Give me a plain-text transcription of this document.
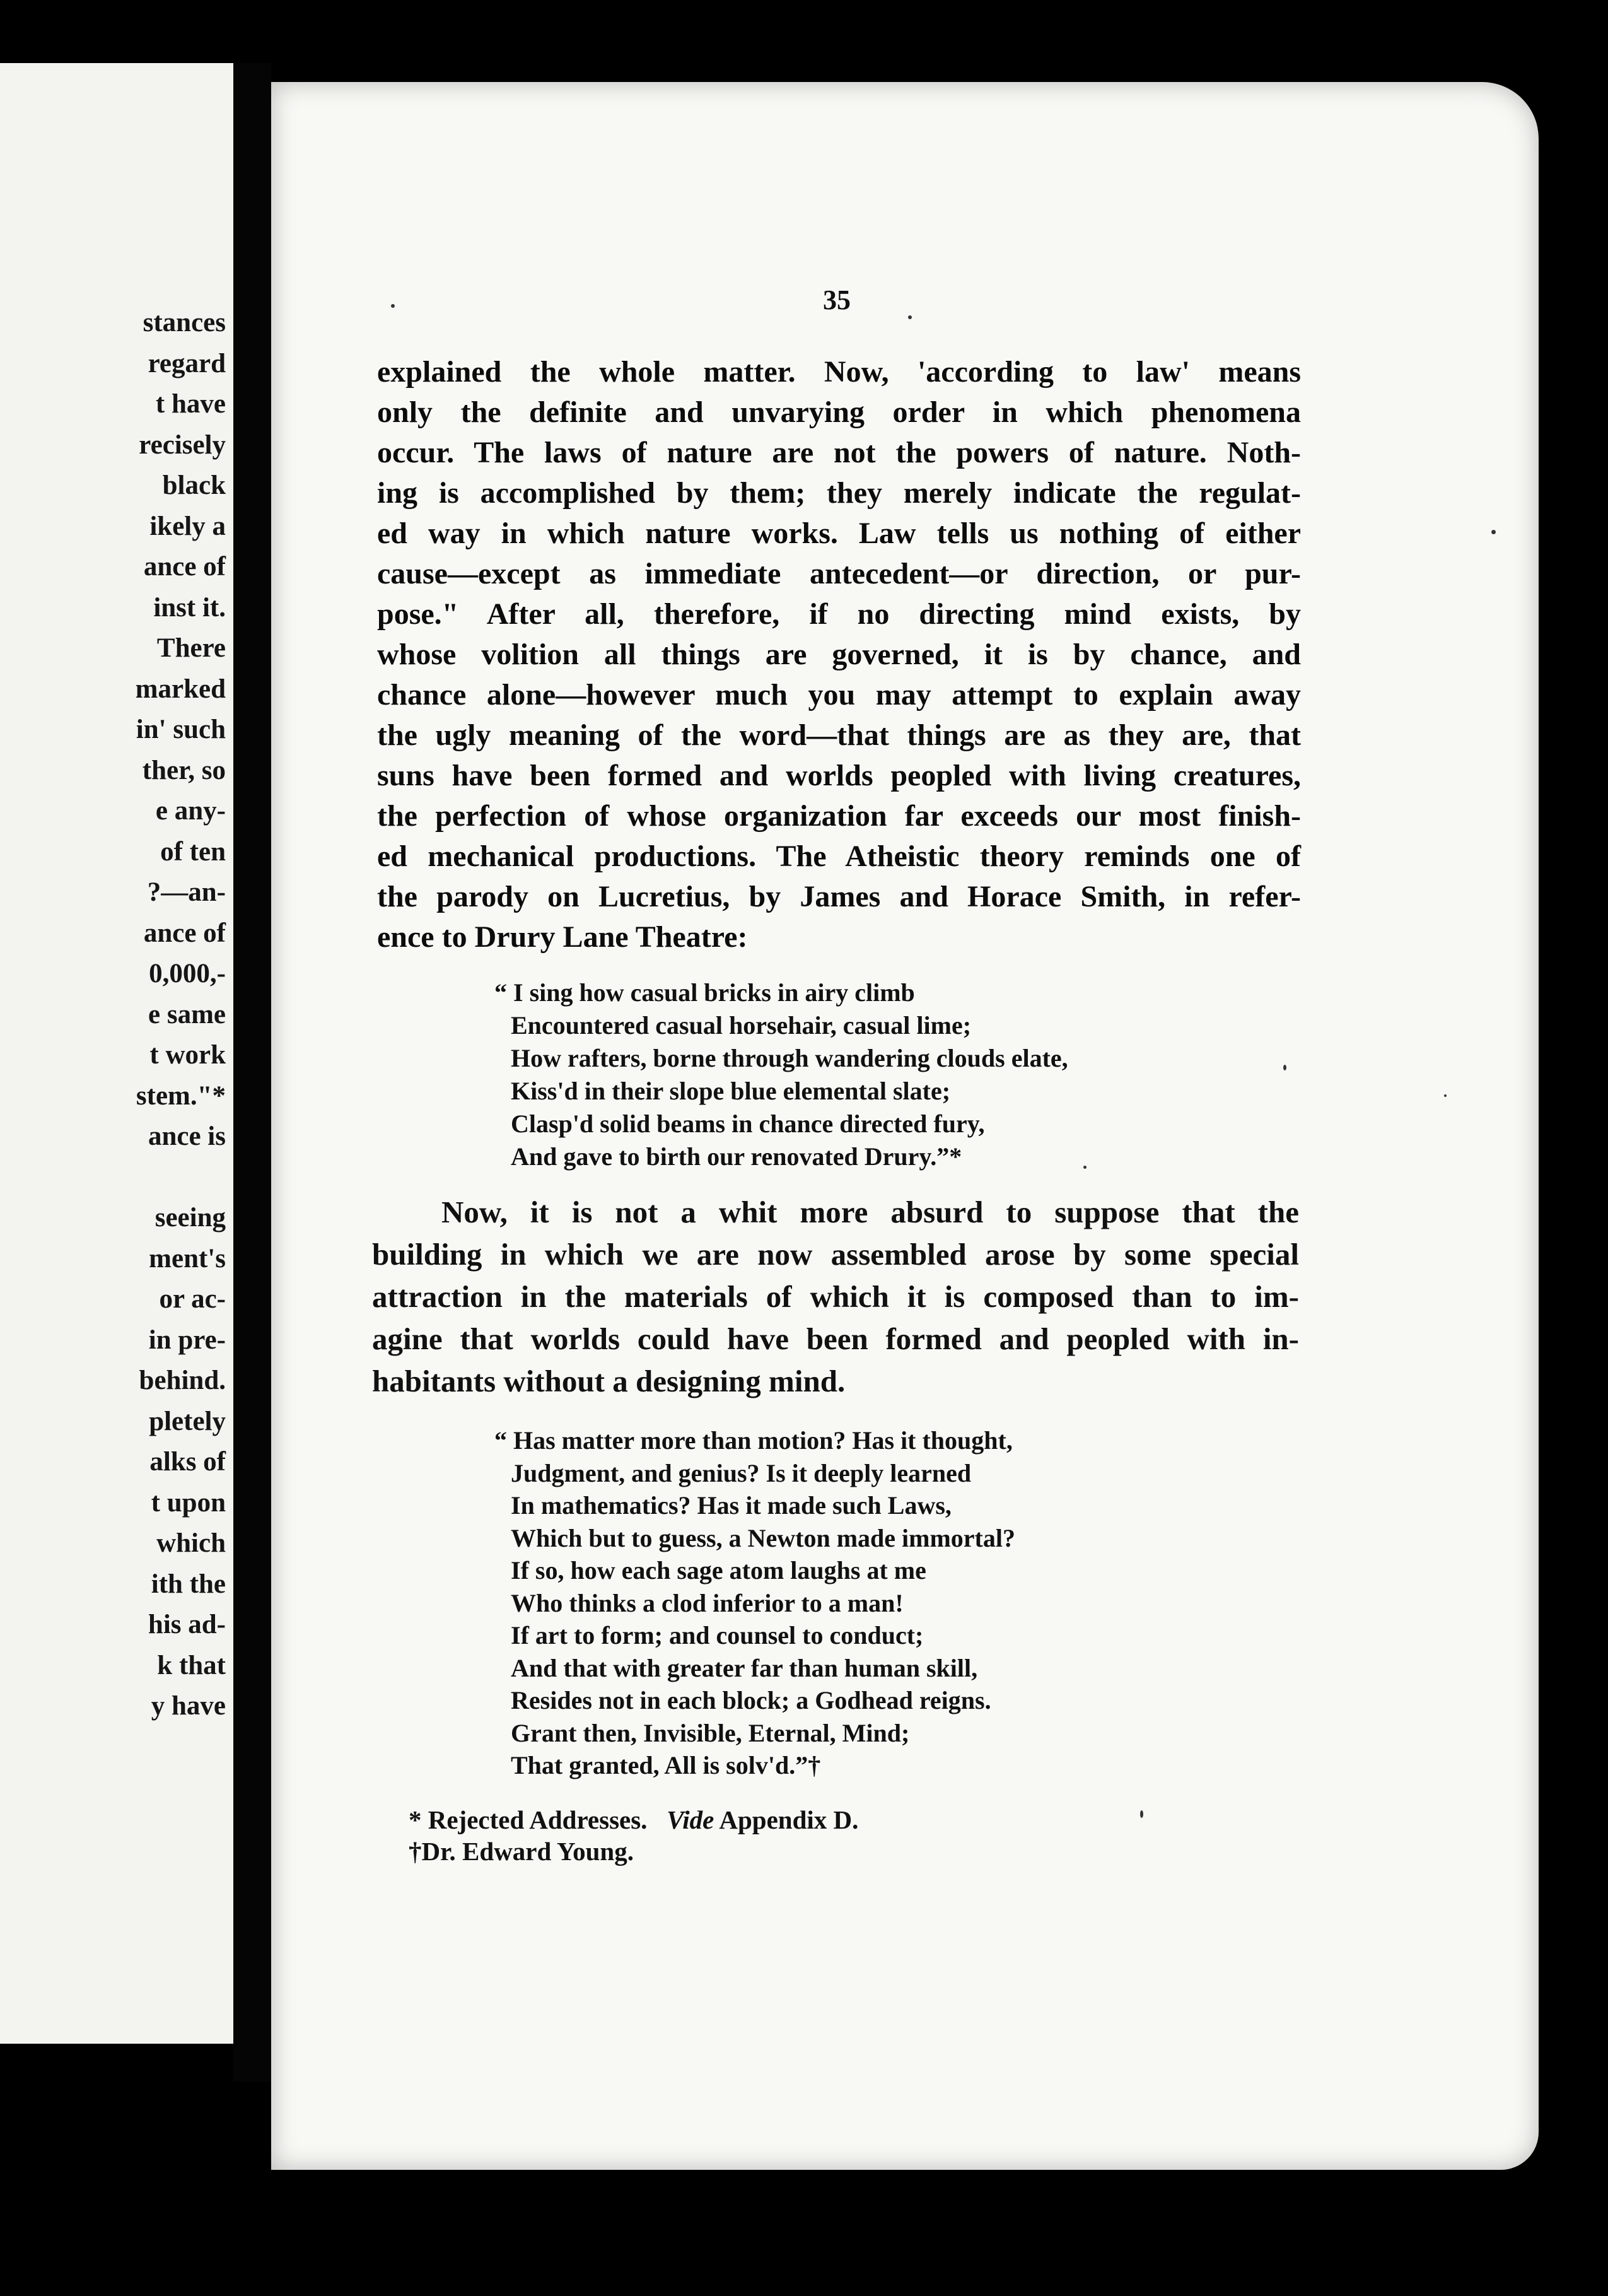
stances
regard
t have
recisely
black
ikely a
ance of
inst it.
There
marked
in' such
ther, so
e any-
of ten
?—an-
ance of
0,000,-
e same
t work
stem."*
ance is
seeing
ment's
or ac-
in pre-
behind.
pletely
alks of
t upon
which
ith the
his ad-
k that
y have
35
explained the whole matter. Now, 'according to law' means
only the definite and unvarying order in which phenomena
occur. The laws of nature are not the powers of nature. Noth-
ing is accomplished by them; they merely indicate the regulat-
ed way in which nature works. Law tells us nothing of either
cause—except as immediate antecedent—or direction, or pur-
pose." After all, therefore, if no directing mind exists, by
whose volition all things are governed, it is by chance, and
chance alone—however much you may attempt to explain away
the ugly meaning of the word—that things are as they are, that
suns have been formed and worlds peopled with living creatures,
the perfection of whose organization far exceeds our most finish-
ed mechanical productions. The Atheistic theory reminds one of
the parody on Lucretius, by James and Horace Smith, in refer-
ence to Drury Lane Theatre:
“ I sing how casual bricks in airy climb
Encountered casual horsehair, casual lime;
How rafters, borne through wandering clouds elate,
Kiss'd in their slope blue elemental slate;
Clasp'd solid beams in chance directed fury,
And gave to birth our renovated Drury.”*
Now, it is not a whit more absurd to suppose that the
building in which we are now assembled arose by some special
attraction in the materials of which it is composed than to im-
agine that worlds could have been formed and peopled with in-
habitants without a designing mind.
“ Has matter more than motion? Has it thought,
Judgment, and genius? Is it deeply learned
In mathematics? Has it made such Laws,
Which but to guess, a Newton made immortal?
If so, how each sage atom laughs at me
Who thinks a clod inferior to a man!
If art to form; and counsel to conduct;
And that with greater far than human skill,
Resides not in each block; a Godhead reigns.
Grant then, Invisible, Eternal, Mind;
That granted, All is solv'd.”†
* Rejected Addresses. Vide Appendix D.
†Dr. Edward Young.
